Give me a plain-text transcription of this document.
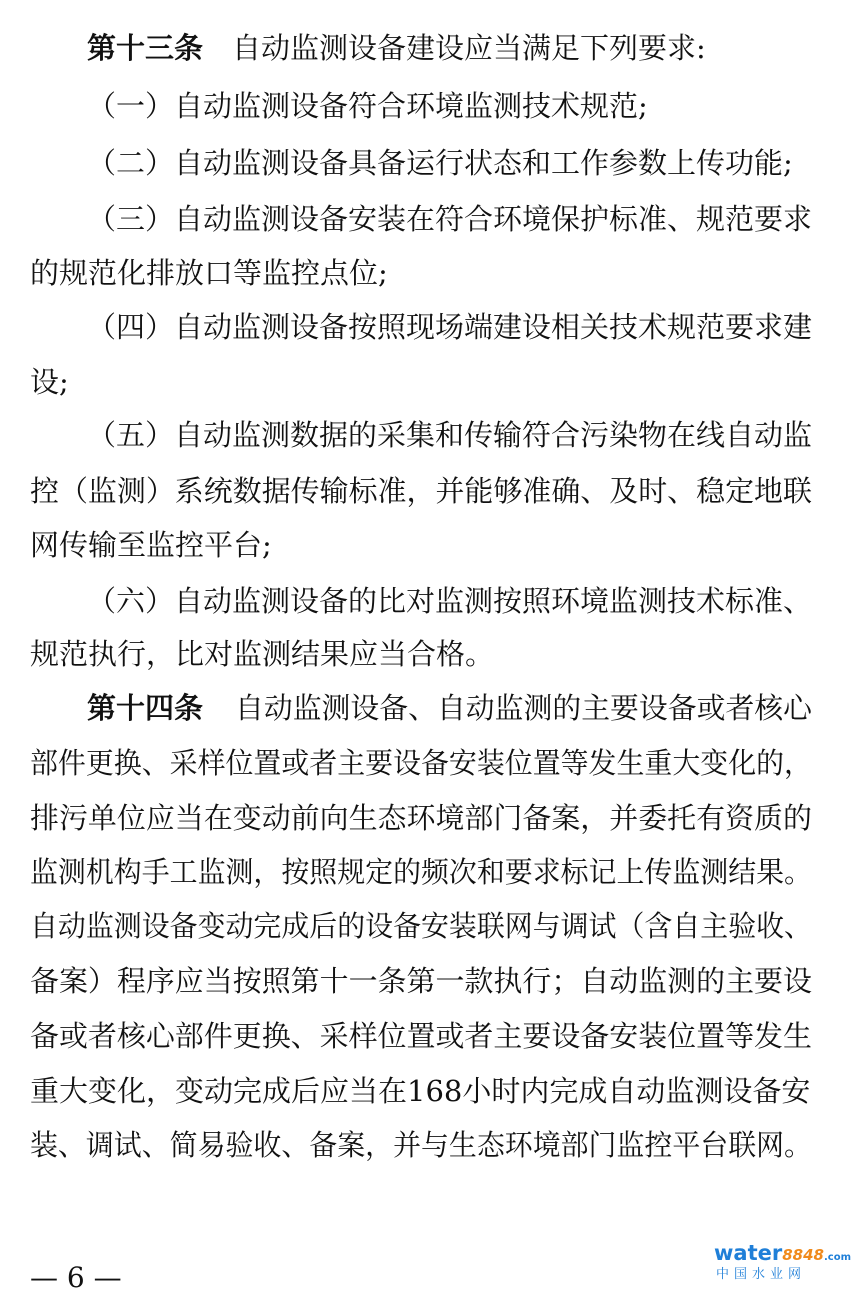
第十三条 自动监测设备建设应当满足下列要求:
（一）自动监测设备符合环境监测技术规范;
（二）自动监测设备具备运行状态和工作参数上传功能;
（三）自动监测设备安装在符合环境保护标准、规范要求
的规范化排放口等监控点位;
（四）自动监测设备按照现场端建设相关技术规范要求建
设;
（五）自动监测数据的采集和传输符合污染物在线自动监
控（监测）系统数据传输标准，并能够准确、及时、稳定地联
网传输至监控平台;
（六）自动监测设备的比对监测按照环境监测技术标准、
规范执行，比对监测结果应当合格。
第十四条 自动监测设备、自动监测的主要设备或者核心
部件更换、采样位置或者主要设备安装位置等发生重大变化的，
排污单位应当在变动前向生态环境部门备案，并委托有资质的
监测机构手工监测，按照规定的频次和要求标记上传监测结果。
自动监测设备变动完成后的设备安装联网与调试（含自主验收、
备案）程序应当按照第十一条第一款执行；自动监测的主要设
备或者核心部件更换、采样位置或者主要设备安装位置等发生
重大变化，变动完成后应当在168小时内完成自动监测设备安
装、调试、简易验收、备案，并与生态环境部门监控平台联网。
— 6 —
water8848.com
中国水业网
